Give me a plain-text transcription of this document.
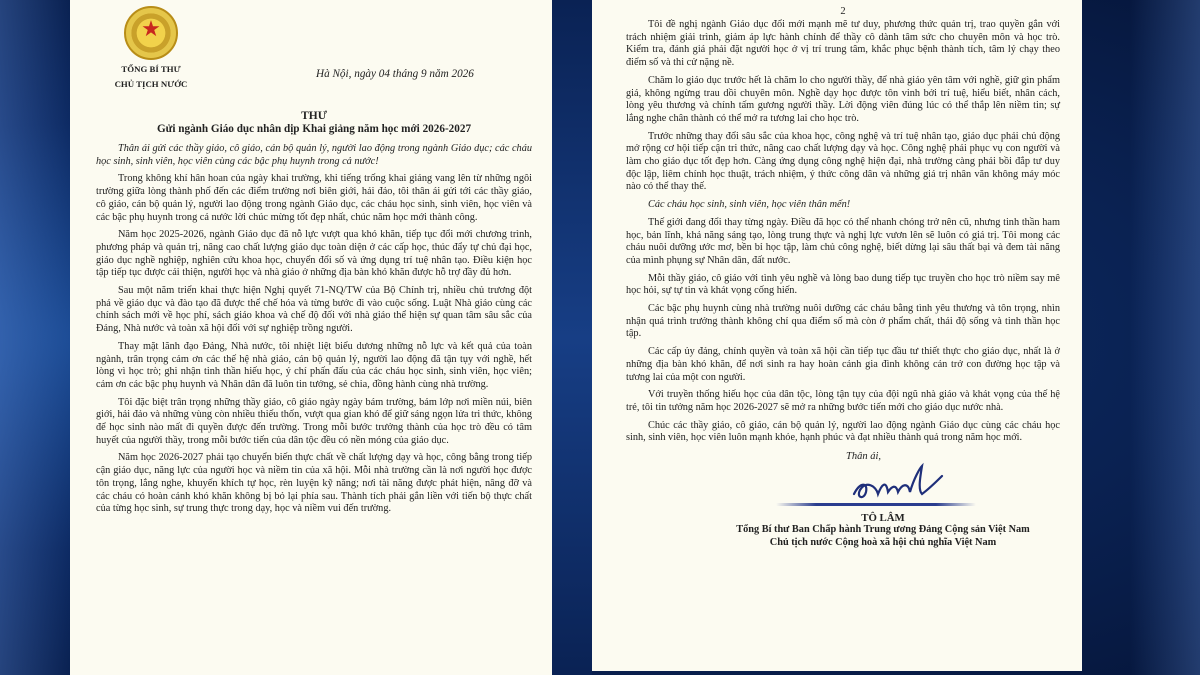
★
TỔNG BÍ THƯ
CHỦ TỊCH NƯỚC
Hà Nội, ngày 04 tháng 9 năm 2026
THƯ
Gửi ngành Giáo dục nhân dịp Khai giảng năm học mới 2026-2027

Thân ái gửi các thầy giáo, cô giáo, cán bộ quản lý, người lao động trong ngành Giáo dục; các cháu học sinh, sinh viên, học viên cùng các bậc phụ huynh trong cả nước!

Trong không khí hân hoan của ngày khai trường, khi tiếng trống khai giảng vang lên từ những ngôi trường giữa lòng thành phố đến các điểm trường nơi biên giới, hải đảo, tôi thân ái gửi tới các thầy giáo, cô giáo, cán bộ quản lý, người lao động trong ngành Giáo dục, các cháu học sinh, sinh viên, học viên và các bậc phụ huynh trong cả nước lời chúc mừng tốt đẹp nhất, chúc năm học mới thành công.

Năm học 2025-2026, ngành Giáo dục đã nỗ lực vượt qua khó khăn, tiếp tục đổi mới chương trình, phương pháp và quản trị, nâng cao chất lượng giáo dục toàn diện ở các cấp học, thúc đẩy tự chủ đại học, giáo dục nghề nghiệp, nghiên cứu khoa học, chuyển đổi số và ứng dụng trí tuệ nhân tạo. Điều kiện học tập tiếp tục được cải thiện, người học và nhà giáo ở những địa bàn khó khăn được hỗ trợ đầy đủ hơn.

Sau một năm triển khai thực hiện Nghị quyết 71-NQ/TW của Bộ Chính trị, nhiều chủ trương đột phá về giáo dục và đào tạo đã được thể chế hóa và từng bước đi vào cuộc sống. Luật Nhà giáo cùng các chính sách mới về học phí, sách giáo khoa và chế độ đối với nhà giáo thể hiện sự quan tâm sâu sắc của Đảng, Nhà nước và toàn xã hội đối với sự nghiệp trồng người.

Thay mặt lãnh đạo Đảng, Nhà nước, tôi nhiệt liệt biểu dương những nỗ lực và kết quả của toàn ngành, trân trọng cảm ơn các thế hệ nhà giáo, cán bộ quản lý, người lao động đã tận tụy với nghề, hết lòng vì học trò; ghi nhận tinh thần hiếu học, ý chí phấn đấu của các cháu học sinh, sinh viên, học viên; cảm ơn các bậc phụ huynh và Nhân dân đã luôn tin tưởng, sẻ chia, đồng hành cùng nhà trường.

Tôi đặc biệt trân trọng những thầy giáo, cô giáo ngày ngày bám trường, bám lớp nơi miền núi, biên giới, hải đảo và những vùng còn nhiều thiếu thốn, vượt qua gian khó để giữ sáng ngọn lửa tri thức, không để học sinh nào mất đi quyền được đến trường. Trong mỗi bước trưởng thành của học trò đều có tâm huyết của người thầy, trong mỗi bước tiến của dân tộc đều có nền móng của giáo dục.

Năm học 2026-2027 phải tạo chuyển biến thực chất về chất lượng dạy và học, công bằng trong tiếp cận giáo dục, năng lực của người học và niềm tin của xã hội. Mỗi nhà trường cần là nơi người học được tôn trọng, lắng nghe, khuyến khích tự học, rèn luyện kỹ năng; nơi tài năng được phát hiện, nâng đỡ và các cháu có hoàn cảnh khó khăn không bị bỏ lại phía sau. Thành tích phải gắn liền với tiến bộ thực chất của từng học sinh, sự trung thực trong dạy, học và niềm vui đến trường.

2

Tôi đề nghị ngành Giáo dục đổi mới mạnh mẽ tư duy, phương thức quản trị, trao quyền gắn với trách nhiệm giải trình, giảm áp lực hành chính để thầy cô dành tâm sức cho chuyên môn và học trò. Kiểm tra, đánh giá phải đặt người học ở vị trí trung tâm, khắc phục bệnh thành tích, tâm lý chạy theo điểm số và thi cử nặng nề.

Chăm lo giáo dục trước hết là chăm lo cho người thầy, để nhà giáo yên tâm với nghề, giữ gìn phẩm giá, không ngừng trau dồi chuyên môn. Nghề dạy học được tôn vinh bởi trí tuệ, hiểu biết, nhân cách, lòng yêu thương và chính tấm gương người thầy. Lời động viên đúng lúc có thể thắp lên niềm tin; sự lắng nghe chân thành có thể mở ra tương lai cho học trò.

Trước những thay đổi sâu sắc của khoa học, công nghệ và trí tuệ nhân tạo, giáo dục phải chủ động mở rộng cơ hội tiếp cận tri thức, nâng cao chất lượng dạy và học. Công nghệ phải phục vụ con người và làm cho giáo dục tốt đẹp hơn. Càng ứng dụng công nghệ hiện đại, nhà trường càng phải bồi đắp tư duy độc lập, liêm chính học thuật, trách nhiệm, ý thức công dân và những giá trị nhân văn không máy móc nào có thể thay thế.

Các cháu học sinh, sinh viên, học viên thân mến!

Thế giới đang đổi thay từng ngày. Điều đã học có thể nhanh chóng trở nên cũ, nhưng tinh thần ham học, bản lĩnh, khả năng sáng tạo, lòng trung thực và nghị lực vươn lên sẽ luôn có giá trị. Tôi mong các cháu nuôi dưỡng ước mơ, bền bỉ học tập, làm chủ công nghệ, biết dừng lại sâu thất bại và đem tài năng của mình phụng sự Nhân dân, đất nước.

Mỗi thầy giáo, cô giáo với tình yêu nghề và lòng bao dung tiếp tục truyền cho học trò niềm say mê học hỏi, sự tự tin và khát vọng cống hiến.

Các bậc phụ huynh cùng nhà trường nuôi dưỡng các cháu bằng tình yêu thương và tôn trọng, nhìn nhận quá trình trưởng thành không chỉ qua điểm số mà còn ở phẩm chất, thái độ sống và tinh thần học tập.

Các cấp ủy đảng, chính quyền và toàn xã hội cần tiếp tục đầu tư thiết thực cho giáo dục, nhất là ở những địa bàn khó khăn, để nơi sinh ra hay hoàn cảnh gia đình không cản trở con đường học tập và tương lai của một con người.

Với truyền thống hiếu học của dân tộc, lòng tận tụy của đội ngũ nhà giáo và khát vọng của thế hệ trẻ, tôi tin tưởng năm học 2026-2027 sẽ mở ra những bước tiến mới cho giáo dục nước nhà.

Chúc các thầy giáo, cô giáo, cán bộ quản lý, người lao động ngành Giáo dục cùng các cháu học sinh, sinh viên, học viên luôn mạnh khỏe, hạnh phúc và đạt nhiều thành quả trong năm học mới.

Thân ái,
TÔ LÂM
Tổng Bí thư Ban Chấp hành Trung ương Đảng Cộng sản Việt Nam
Chủ tịch nước Cộng hoà xã hội chủ nghĩa Việt Nam
